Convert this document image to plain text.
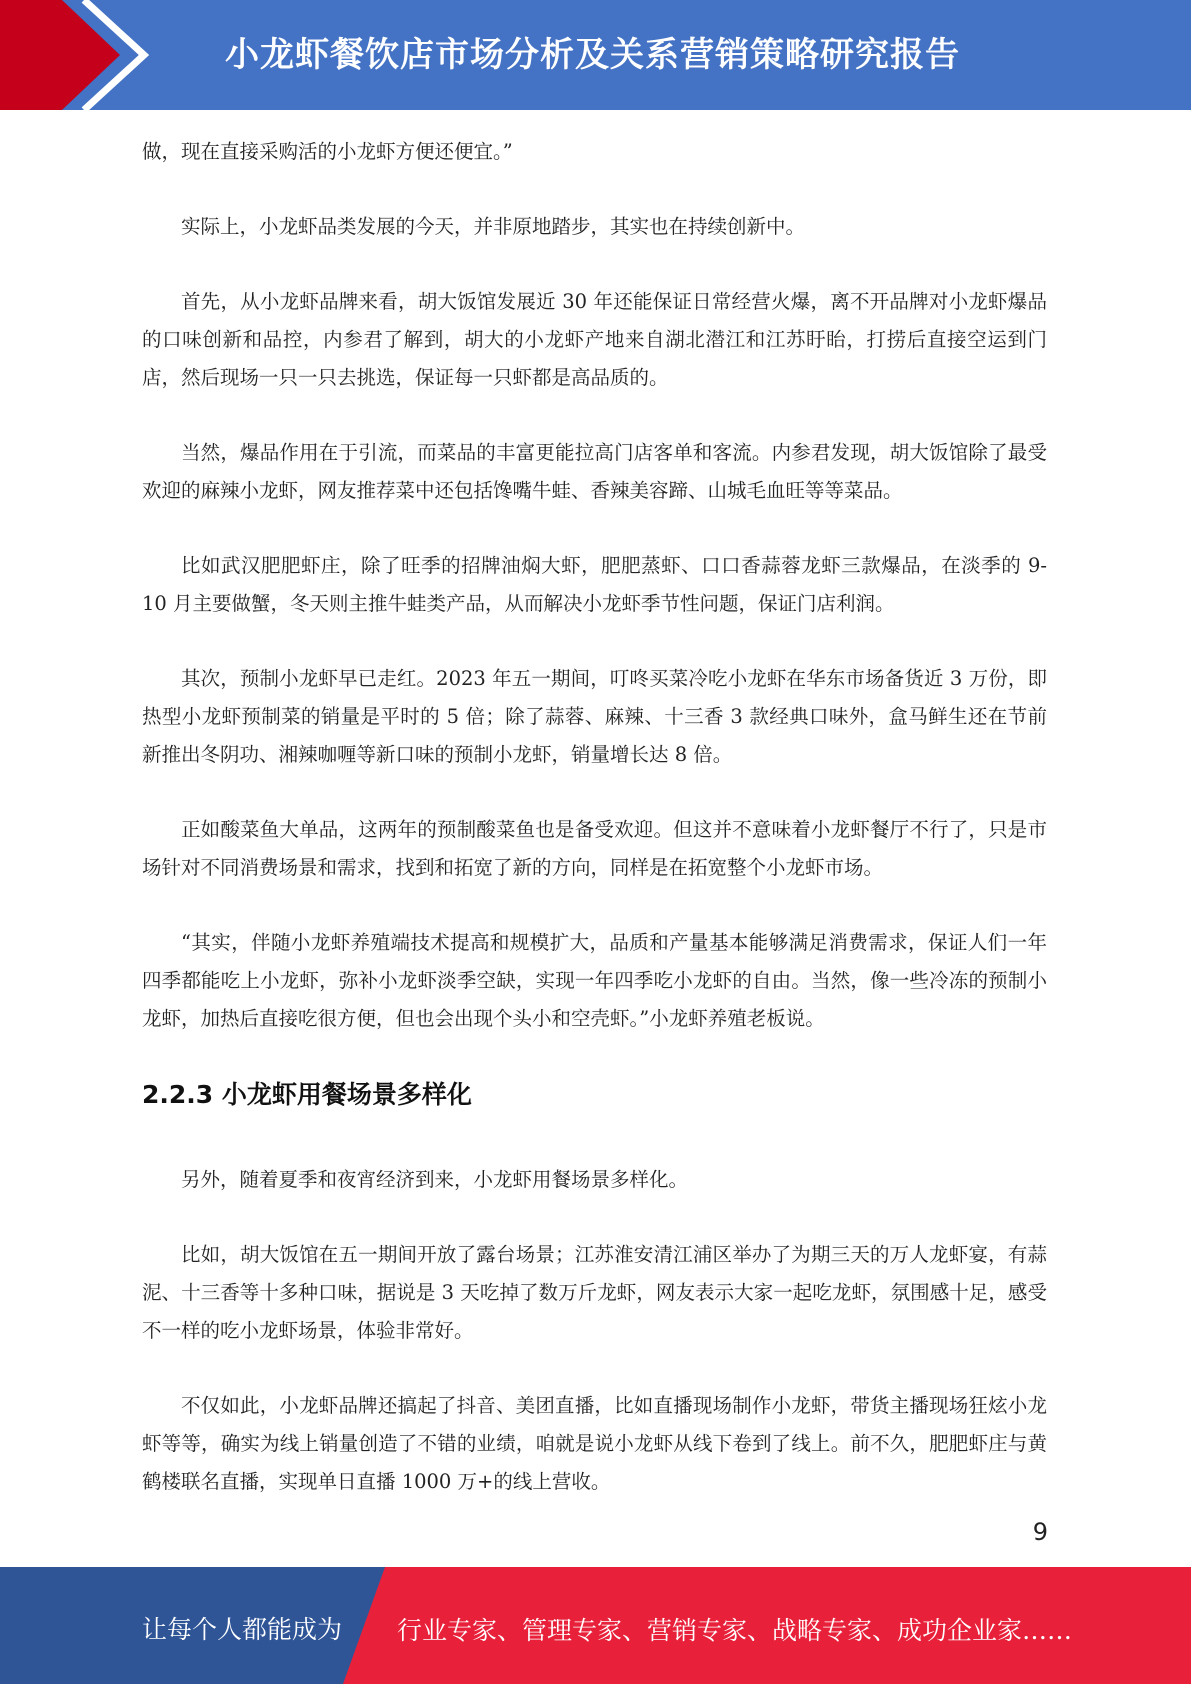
小龙虾餐饮店市场分析及关系营销策略研究报告

做，现在直接采购活的小龙虾方便还便宜。”

实际上，小龙虾品类发展的今天，并非原地踏步，其实也在持续创新中。

首先，从小龙虾品牌来看，胡大饭馆发展近 30 年还能保证日常经营火爆，离不开品牌对小龙虾爆品的口味创新和品控，内参君了解到，胡大的小龙虾产地来自湖北潜江和江苏盱眙，打捞后直接空运到门店，然后现场一只一只去挑选，保证每一只虾都是高品质的。

当然，爆品作用在于引流，而菜品的丰富更能拉高门店客单和客流。内参君发现，胡大饭馆除了最受欢迎的麻辣小龙虾，网友推荐菜中还包括馋嘴牛蛙、香辣美容蹄、山城毛血旺等等菜品。

比如武汉肥肥虾庄，除了旺季的招牌油焖大虾，肥肥蒸虾、口口香蒜蓉龙虾三款爆品，在淡季的 9-10 月主要做蟹，冬天则主推牛蛙类产品，从而解决小龙虾季节性问题，保证门店利润。

其次，预制小龙虾早已走红。2023 年五一期间，叮咚买菜冷吃小龙虾在华东市场备货近 3 万份，即热型小龙虾预制菜的销量是平时的 5 倍；除了蒜蓉、麻辣、十三香 3 款经典口味外，盒马鲜生还在节前新推出冬阴功、湘辣咖喱等新口味的预制小龙虾，销量增长达 8 倍。

正如酸菜鱼大单品，这两年的预制酸菜鱼也是备受欢迎。但这并不意味着小龙虾餐厅不行了，只是市场针对不同消费场景和需求，找到和拓宽了新的方向，同样是在拓宽整个小龙虾市场。

“其实，伴随小龙虾养殖端技术提高和规模扩大，品质和产量基本能够满足消费需求，保证人们一年四季都能吃上小龙虾，弥补小龙虾淡季空缺，实现一年四季吃小龙虾的自由。当然，像一些冷冻的预制小龙虾，加热后直接吃很方便，但也会出现个头小和空壳虾。”小龙虾养殖老板说。

2.2.3 小龙虾用餐场景多样化

另外，随着夏季和夜宵经济到来，小龙虾用餐场景多样化。

比如，胡大饭馆在五一期间开放了露台场景；江苏淮安清江浦区举办了为期三天的万人龙虾宴，有蒜泥、十三香等十多种口味，据说是 3 天吃掉了数万斤龙虾，网友表示大家一起吃龙虾，氛围感十足，感受不一样的吃小龙虾场景，体验非常好。

不仅如此，小龙虾品牌还搞起了抖音、美团直播，比如直播现场制作小龙虾，带货主播现场狂炫小龙虾等等，确实为线上销量创造了不错的业绩，咱就是说小龙虾从线下卷到了线上。前不久，肥肥虾庄与黄鹤楼联名直播，实现单日直播 1000 万+的线上营收。

9
让每个人都能成为 行业专家、管理专家、营销专家、战略专家、成功企业家……
